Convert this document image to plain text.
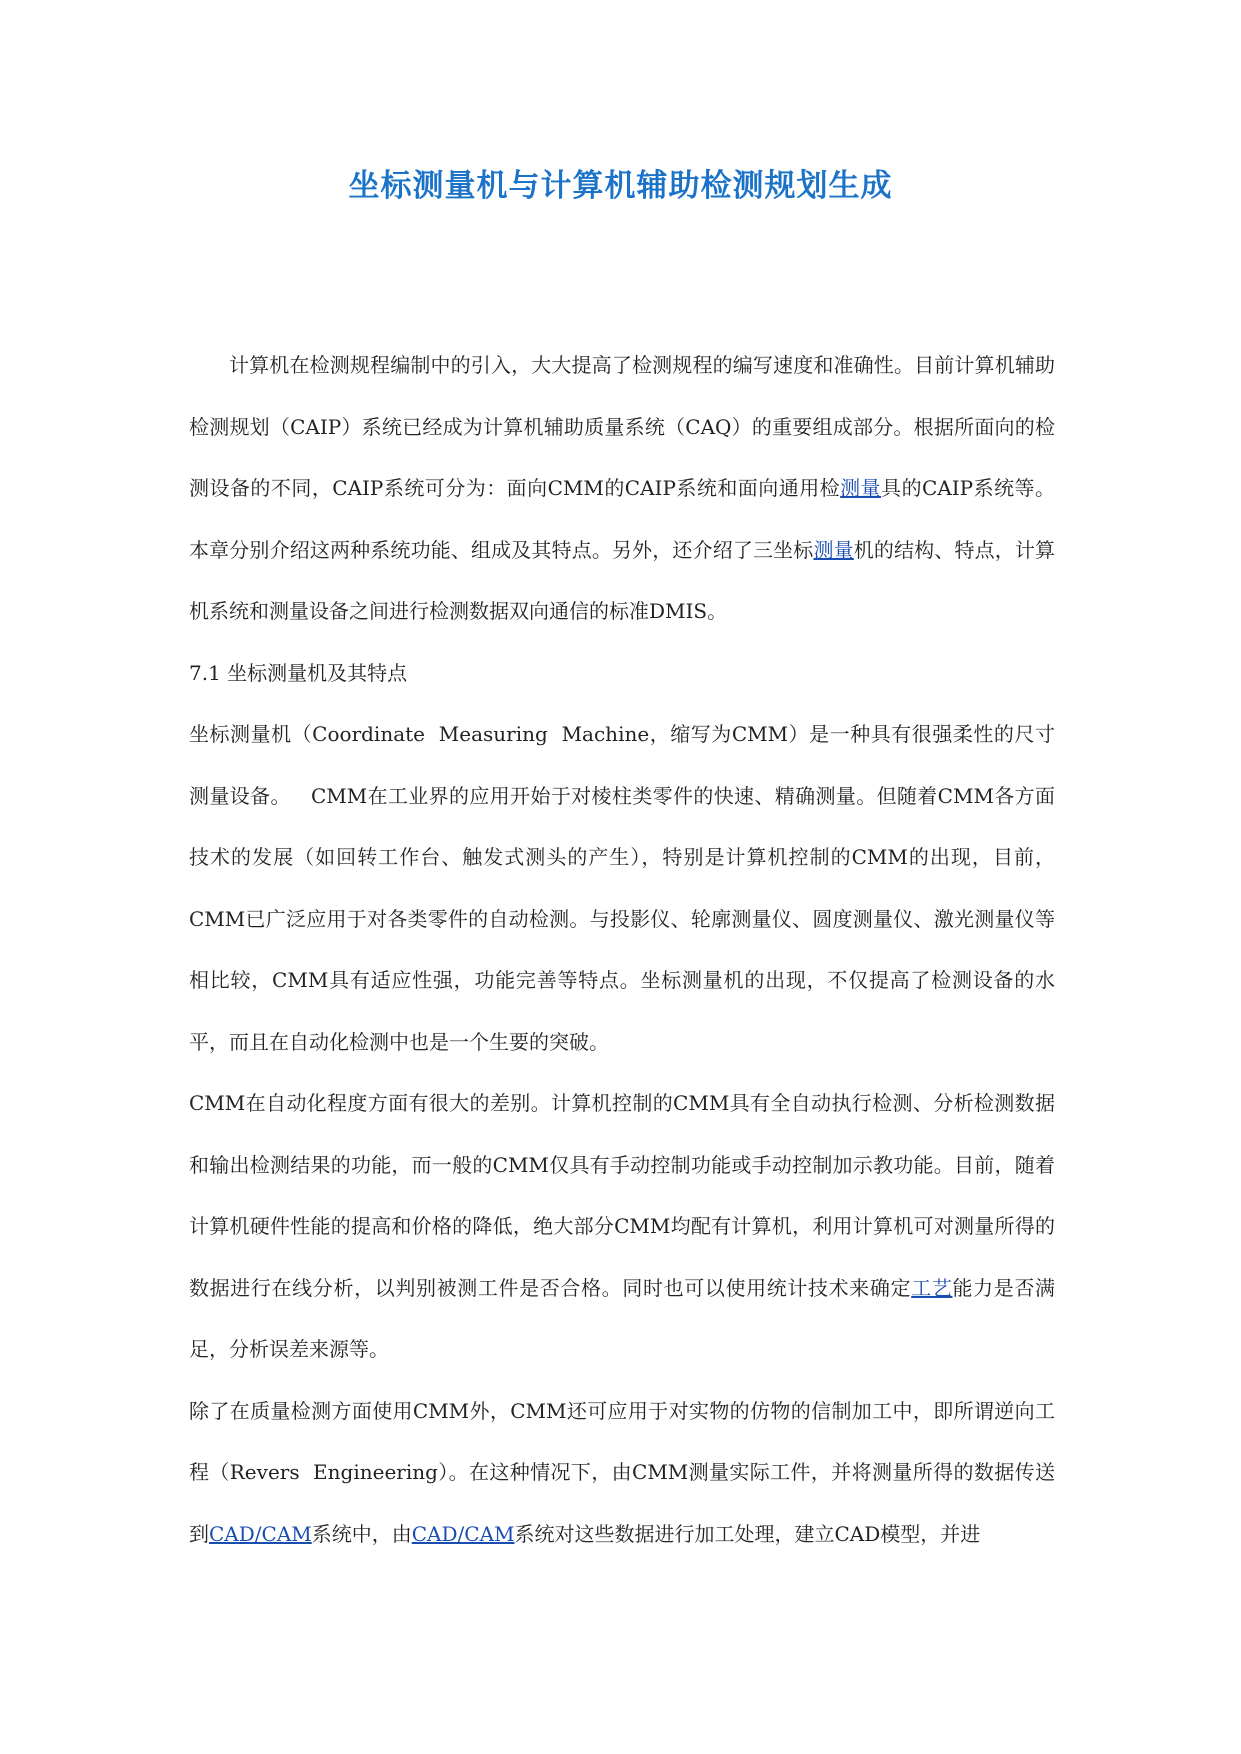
坐标测量机与计算机辅助检测规划生成

计算机在检测规程编制中的引入，大大提高了检测规程的编写速度和准确性。目前计算机辅助检测规划（CAIP）系统已经成为计算机辅助质量系统（CAQ）的重要组成部分。根据所面向的检测设备的不同，CAIP系统可分为：面向CMM的CAIP系统和面向通用检测量具的CAIP系统等。本章分别介绍这两种系统功能、组成及其特点。另外，还介绍了三坐标测量机的结构、特点，计算机系统和测量设备之间进行检测数据双向通信的标准DMIS。

7.1 坐标测量机及其特点

坐标测量机（Coordinate  Measuring  Machine，缩写为CMM）是一种具有很强柔性的尺寸测量设备。   CMM在工业界的应用开始于对棱柱类零件的快速、精确测量。但随着CMM各方面技术的发展（如回转工作台、触发式测头的产生），特别是计算机控制的CMM的出现，目前，CMM已广泛应用于对各类零件的自动检测。与投影仪、轮廓测量仪、圆度测量仪、激光测量仪等相比较，CMM具有适应性强，功能完善等特点。坐标测量机的出现，不仅提高了检测设备的水平，而且在自动化检测中也是一个生要的突破。

CMM在自动化程度方面有很大的差别。计算机控制的CMM具有全自动执行检测、分析检测数据和输出检测结果的功能，而一般的CMM仅具有手动控制功能或手动控制加示教功能。目前，随着计算机硬件性能的提高和价格的降低，绝大部分CMM均配有计算机，利用计算机可对测量所得的数据进行在线分析，以判别被测工件是否合格。同时也可以使用统计技术来确定工艺能力是否满足，分析误差来源等。

除了在质量检测方面使用CMM外，CMM还可应用于对实物的仿物的信制加工中，即所谓逆向工程（Revers  Engineering）。在这种情况下，由CMM测量实际工件，并将测量所得的数据传送到CAD/CAM系统中，由CAD/CAM系统对这些数据进行加工处理，建立CAD模型，并进
